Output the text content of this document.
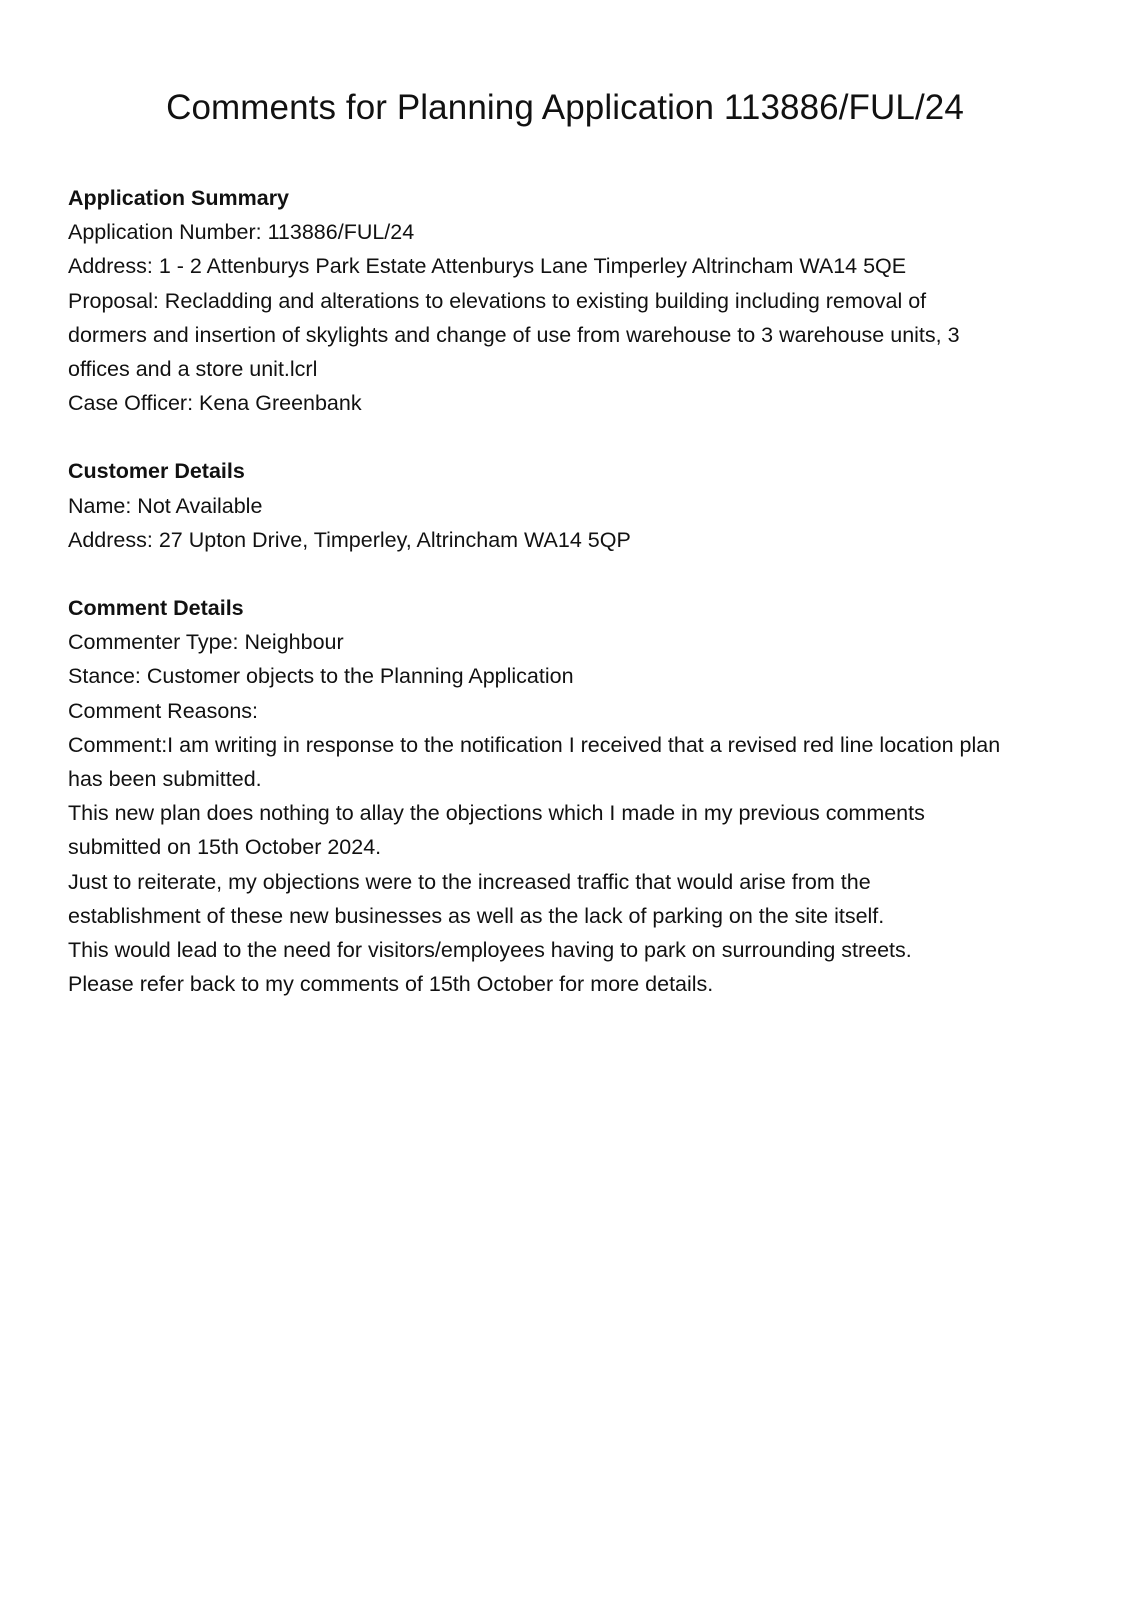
Comments for Planning Application 113886/FUL/24

Application Summary

Application Number: 113886/FUL/24

Address: 1 - 2 Attenburys Park Estate Attenburys Lane Timperley Altrincham WA14 5QE

Proposal: Recladding and alterations to elevations to existing building including removal of

dormers and insertion of skylights and change of use from warehouse to 3 warehouse units, 3

offices and a store unit.lcrl

Case Officer: Kena Greenbank

Customer Details

Name: Not Available

Address: 27 Upton Drive, Timperley, Altrincham WA14 5QP

Comment Details

Commenter Type: Neighbour

Stance: Customer objects to the Planning Application

Comment Reasons:

Comment:I am writing in response to the notification I received that a revised red line location plan

has been submitted.

This new plan does nothing to allay the objections which I made in my previous comments

submitted on 15th October 2024.

Just to reiterate, my objections were to the increased traffic that would arise from the

establishment of these new businesses as well as the lack of parking on the site itself.

This would lead to the need for visitors/employees having to park on surrounding streets.

Please refer back to my comments of 15th October for more details.
